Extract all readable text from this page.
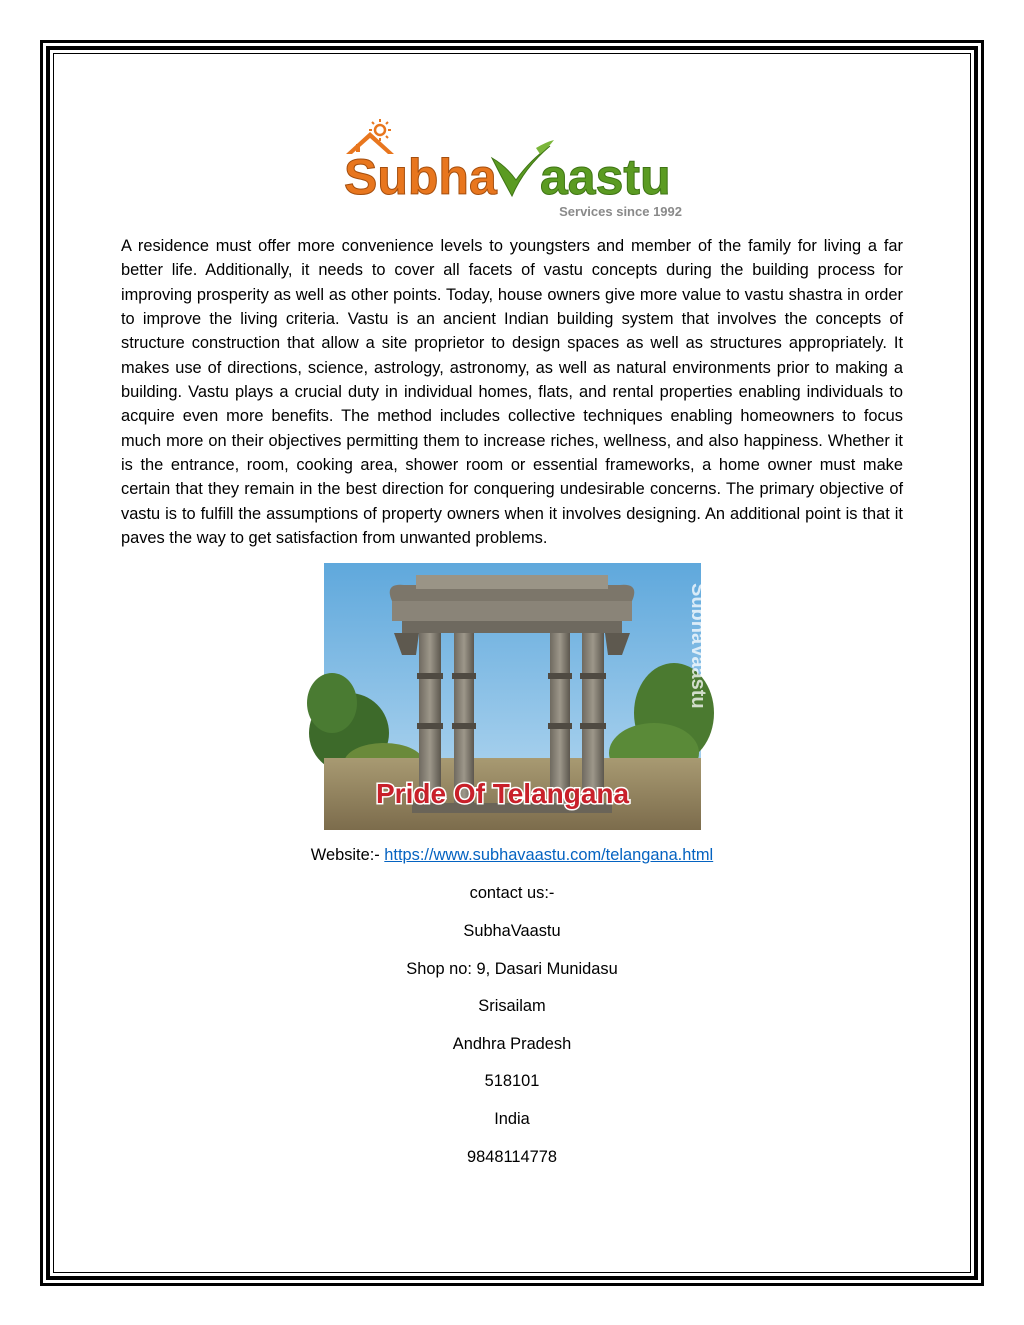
Subha aastu
Services since 1992

A residence must offer more convenience levels to youngsters and member of the family for living a far better life. Additionally, it needs to cover all facets of vastu concepts during the building process for improving prosperity as well as other points. Today, house owners give more value to vastu shastra in order to improve the living criteria. Vastu is an ancient Indian building system that involves the concepts of structure construction that allow a site proprietor to design spaces as well as structures appropriately. It makes use of directions, science, astrology, astronomy, as well as natural environments prior to making a building. Vastu plays a crucial duty in individual homes, flats, and rental properties enabling individuals to acquire even more benefits. The method includes collective techniques enabling homeowners to focus much more on their objectives permitting them to increase riches, wellness, and also happiness. Whether it is the entrance, room, cooking area, shower room or essential frameworks, a home owner must make certain that they remain in the best direction for conquering undesirable concerns. The primary objective of vastu is to fulfill the assumptions of property owners when it involves designing. An additional point is that it paves the way to get satisfaction from unwanted problems.

SubhaVaastu
Pride Of Telangana
Website:- https://www.subhavaastu.com/telangana.html
contact us:-
SubhaVaastu
Shop no: 9, Dasari Munidasu
Srisailam
Andhra Pradesh
518101
India
9848114778
